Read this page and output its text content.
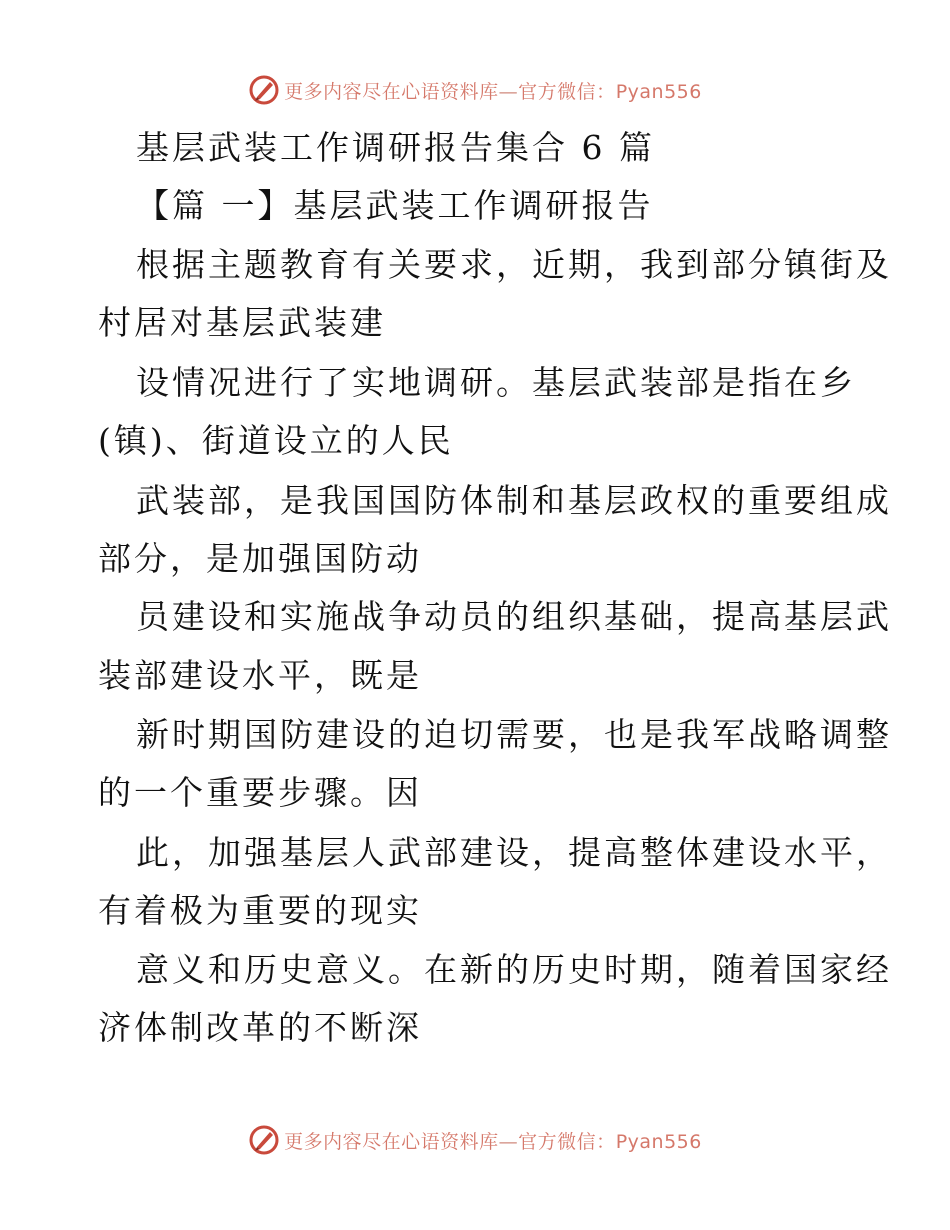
更多内容尽在心语资料库—官方微信：Pyan556
基层武装工作调研报告集合 6 篇
【篇 一】基层武装工作调研报告
根据主题教育有关要求，近期，我到部分镇街及
村居对基层武装建
设情况进行了实地调研。基层武装部是指在乡
(镇)、街道设立的人民
武装部，是我国国防体制和基层政权的重要组成
部分，是加强国防动
员建设和实施战争动员的组织基础，提高基层武
装部建设水平，既是
新时期国防建设的迫切需要，也是我军战略调整
的一个重要步骤。因
此，加强基层人武部建设，提高整体建设水平，
有着极为重要的现实
意义和历史意义。在新的历史时期，随着国家经
济体制改革的不断深
更多内容尽在心语资料库—官方微信：Pyan556
